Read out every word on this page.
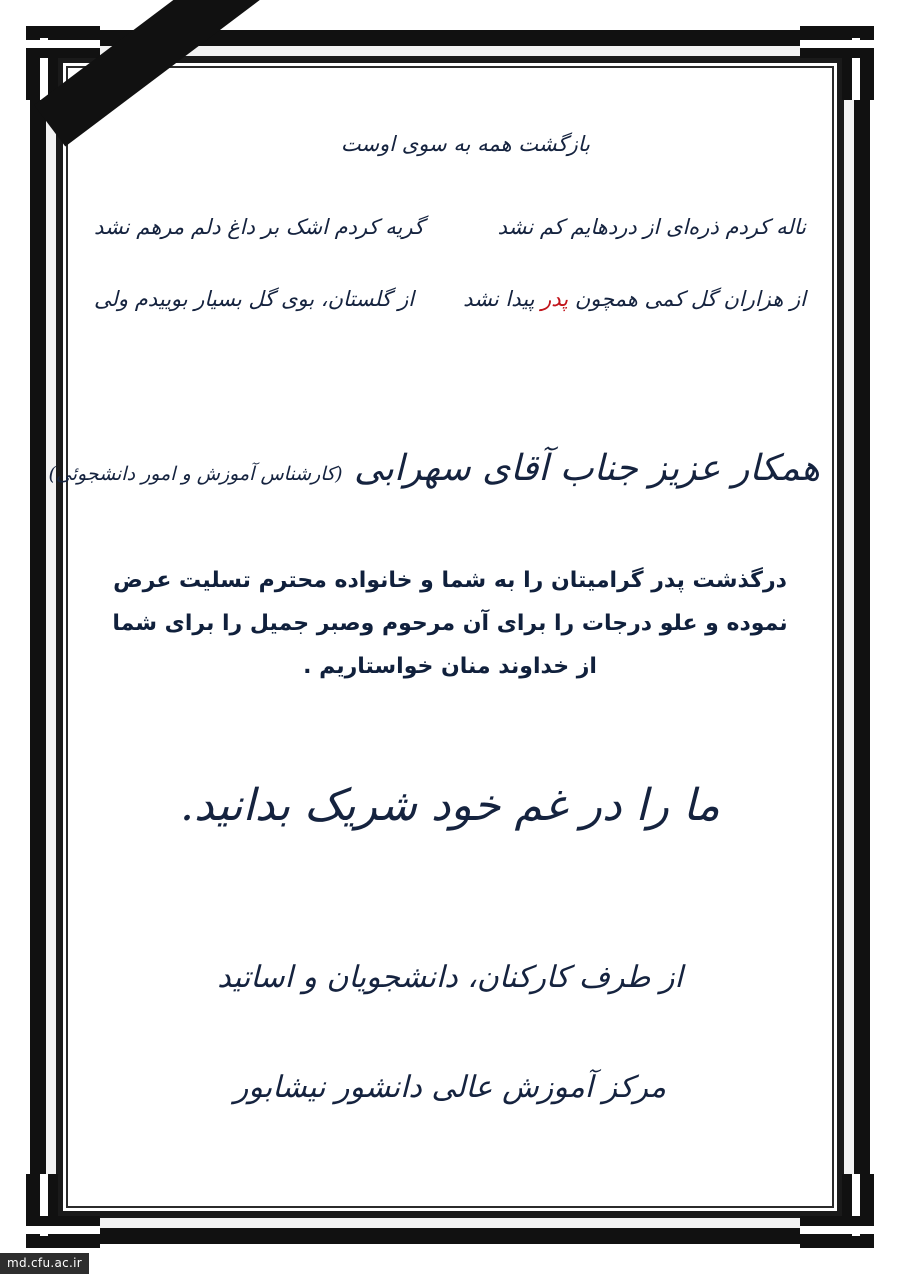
بازگشت همه به سوی اوست
ناله کردم ذره‌ای از دردهایم کم نشد
گریه کردم اشک بر داغ دلم مرهم نشد
از هزاران گل کمی همچون پدر پیدا نشد
از گلستان، بوی گل بسیار بوییدم ولی
همکار عزیز جناب آقای سهرابی (کارشناس آموزش و امور دانشجوئی)
درگذشت پدر گرامیتان را به شما و خانواده محترم تسلیت عرض نموده و علو درجات را برای آن مرحوم وصبر جمیل را برای شما از خداوند منان خواستاریم .
ما را در غم خود شریک بدانید.
از طرف کارکنان، دانشجویان و اساتید
مرکز آموزش عالی دانشور نیشابور
md.cfu.ac.ir
